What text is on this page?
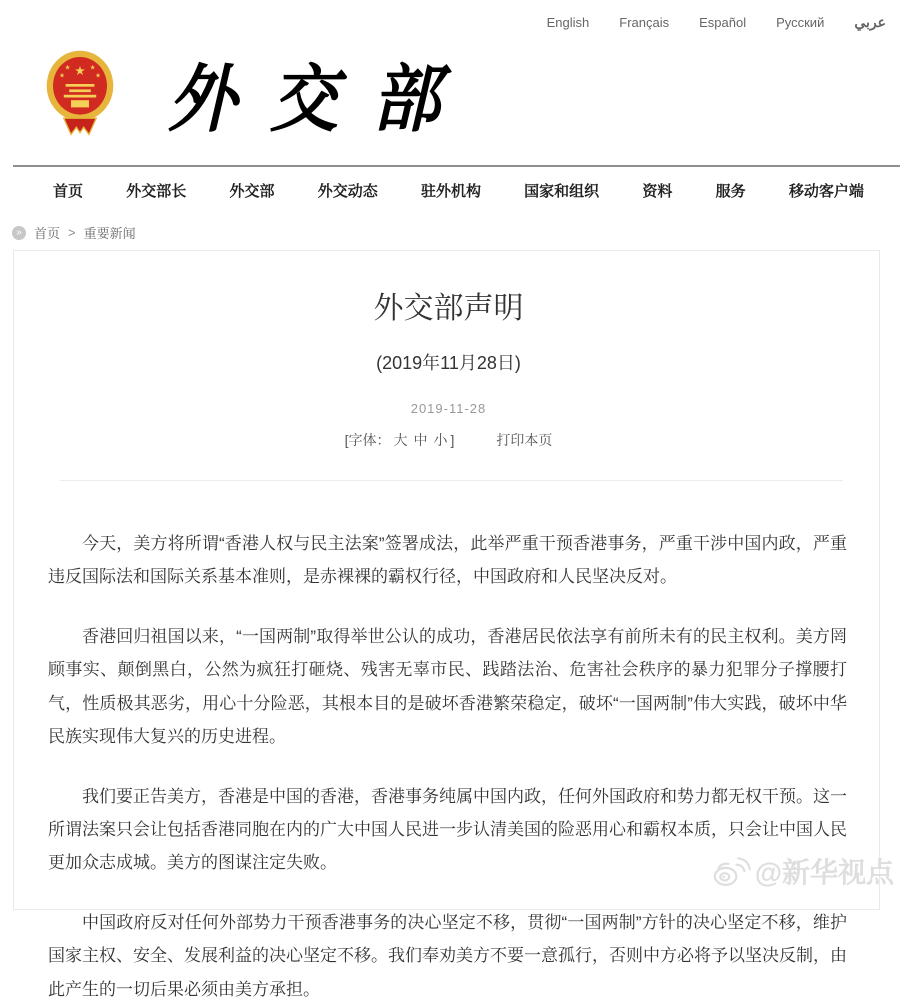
English Français Español Русский عربي
★
★	★
★	★ 外交部
首页	外交部长	外交部	外交动态	驻外机构	国家和组织	资料	服务	移动客户端
» 首页 > 重要新闻
外交部声明
(2019年11月28日)
2019-11-28
[字体： 大 中 小 ]	打印本页

今天，美方将所谓“香港人权与民主法案”签署成法，此举严重干预香港事务，严重干涉中国内政，严重违反国际法和国际关系基本准则，是赤裸裸的霸权行径，中国政府和人民坚决反对。

香港回归祖国以来，“一国两制”取得举世公认的成功，香港居民依法享有前所未有的民主权利。美方罔顾事实、颠倒黑白，公然为疯狂打砸烧、残害无辜市民、践踏法治、危害社会秩序的暴力犯罪分子撑腰打气，性质极其恶劣，用心十分险恶，其根本目的是破坏香港繁荣稳定，破坏“一国两制”伟大实践，破坏中华民族实现伟大复兴的历史进程。

我们要正告美方，香港是中国的香港，香港事务纯属中国内政，任何外国政府和势力都无权干预。这一所谓法案只会让包括香港同胞在内的广大中国人民进一步认清美国的险恶用心和霸权本质，只会让中国人民更加众志成城。美方的图谋注定失败。

中国政府反对任何外部势力干预香港事务的决心坚定不移，贯彻“一国两制”方针的决心坚定不移，维护国家主权、安全、发展利益的决心坚定不移。我们奉劝美方不要一意孤行，否则中方必将予以坚决反制，由此产生的一切后果必须由美方承担。

@新华视点
